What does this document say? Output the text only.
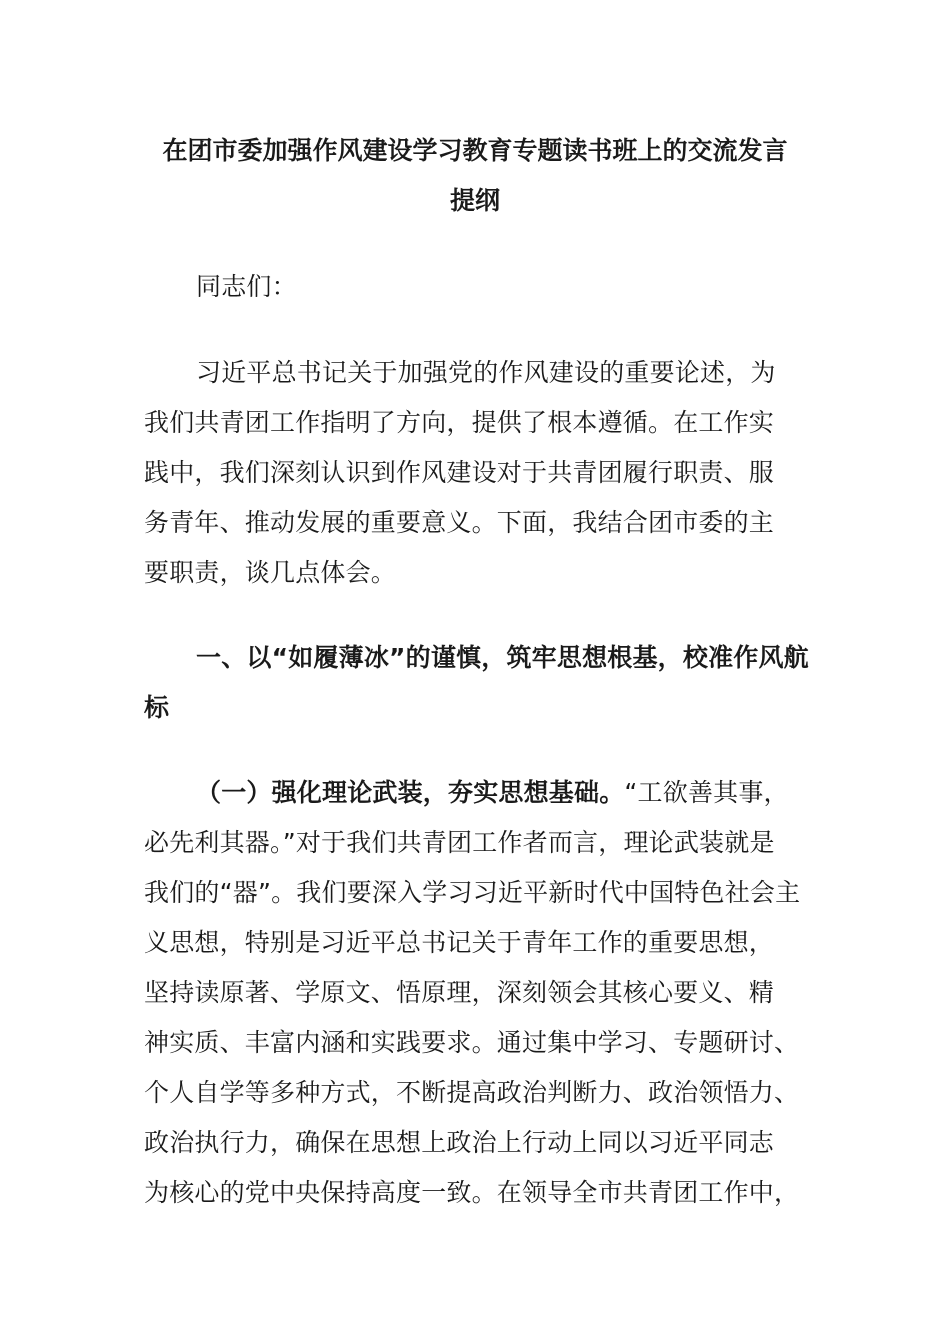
在团市委加强作风建设学习教育专题读书班上的交流发言
提纲
同志们：
习近平总书记关于加强党的作风建设的重要论述，为
我们共青团工作指明了方向，提供了根本遵循。在工作实
践中，我们深刻认识到作风建设对于共青团履行职责、服
务青年、推动发展的重要意义。下面，我结合团市委的主
要职责，谈几点体会。
一、以“如履薄冰”的谨慎，筑牢思想根基，校准作风航
标
（一）强化理论武装，夯实思想基础。“工欲善其事，
必先利其器。”对于我们共青团工作者而言，理论武装就是
我们的“器”。我们要深入学习习近平新时代中国特色社会主
义思想，特别是习近平总书记关于青年工作的重要思想，
坚持读原著、学原文、悟原理，深刻领会其核心要义、精
神实质、丰富内涵和实践要求。通过集中学习、专题研讨、
个人自学等多种方式，不断提高政治判断力、政治领悟力、
政治执行力，确保在思想上政治上行动上同以习近平同志
为核心的党中央保持高度一致。在领导全市共青团工作中，
